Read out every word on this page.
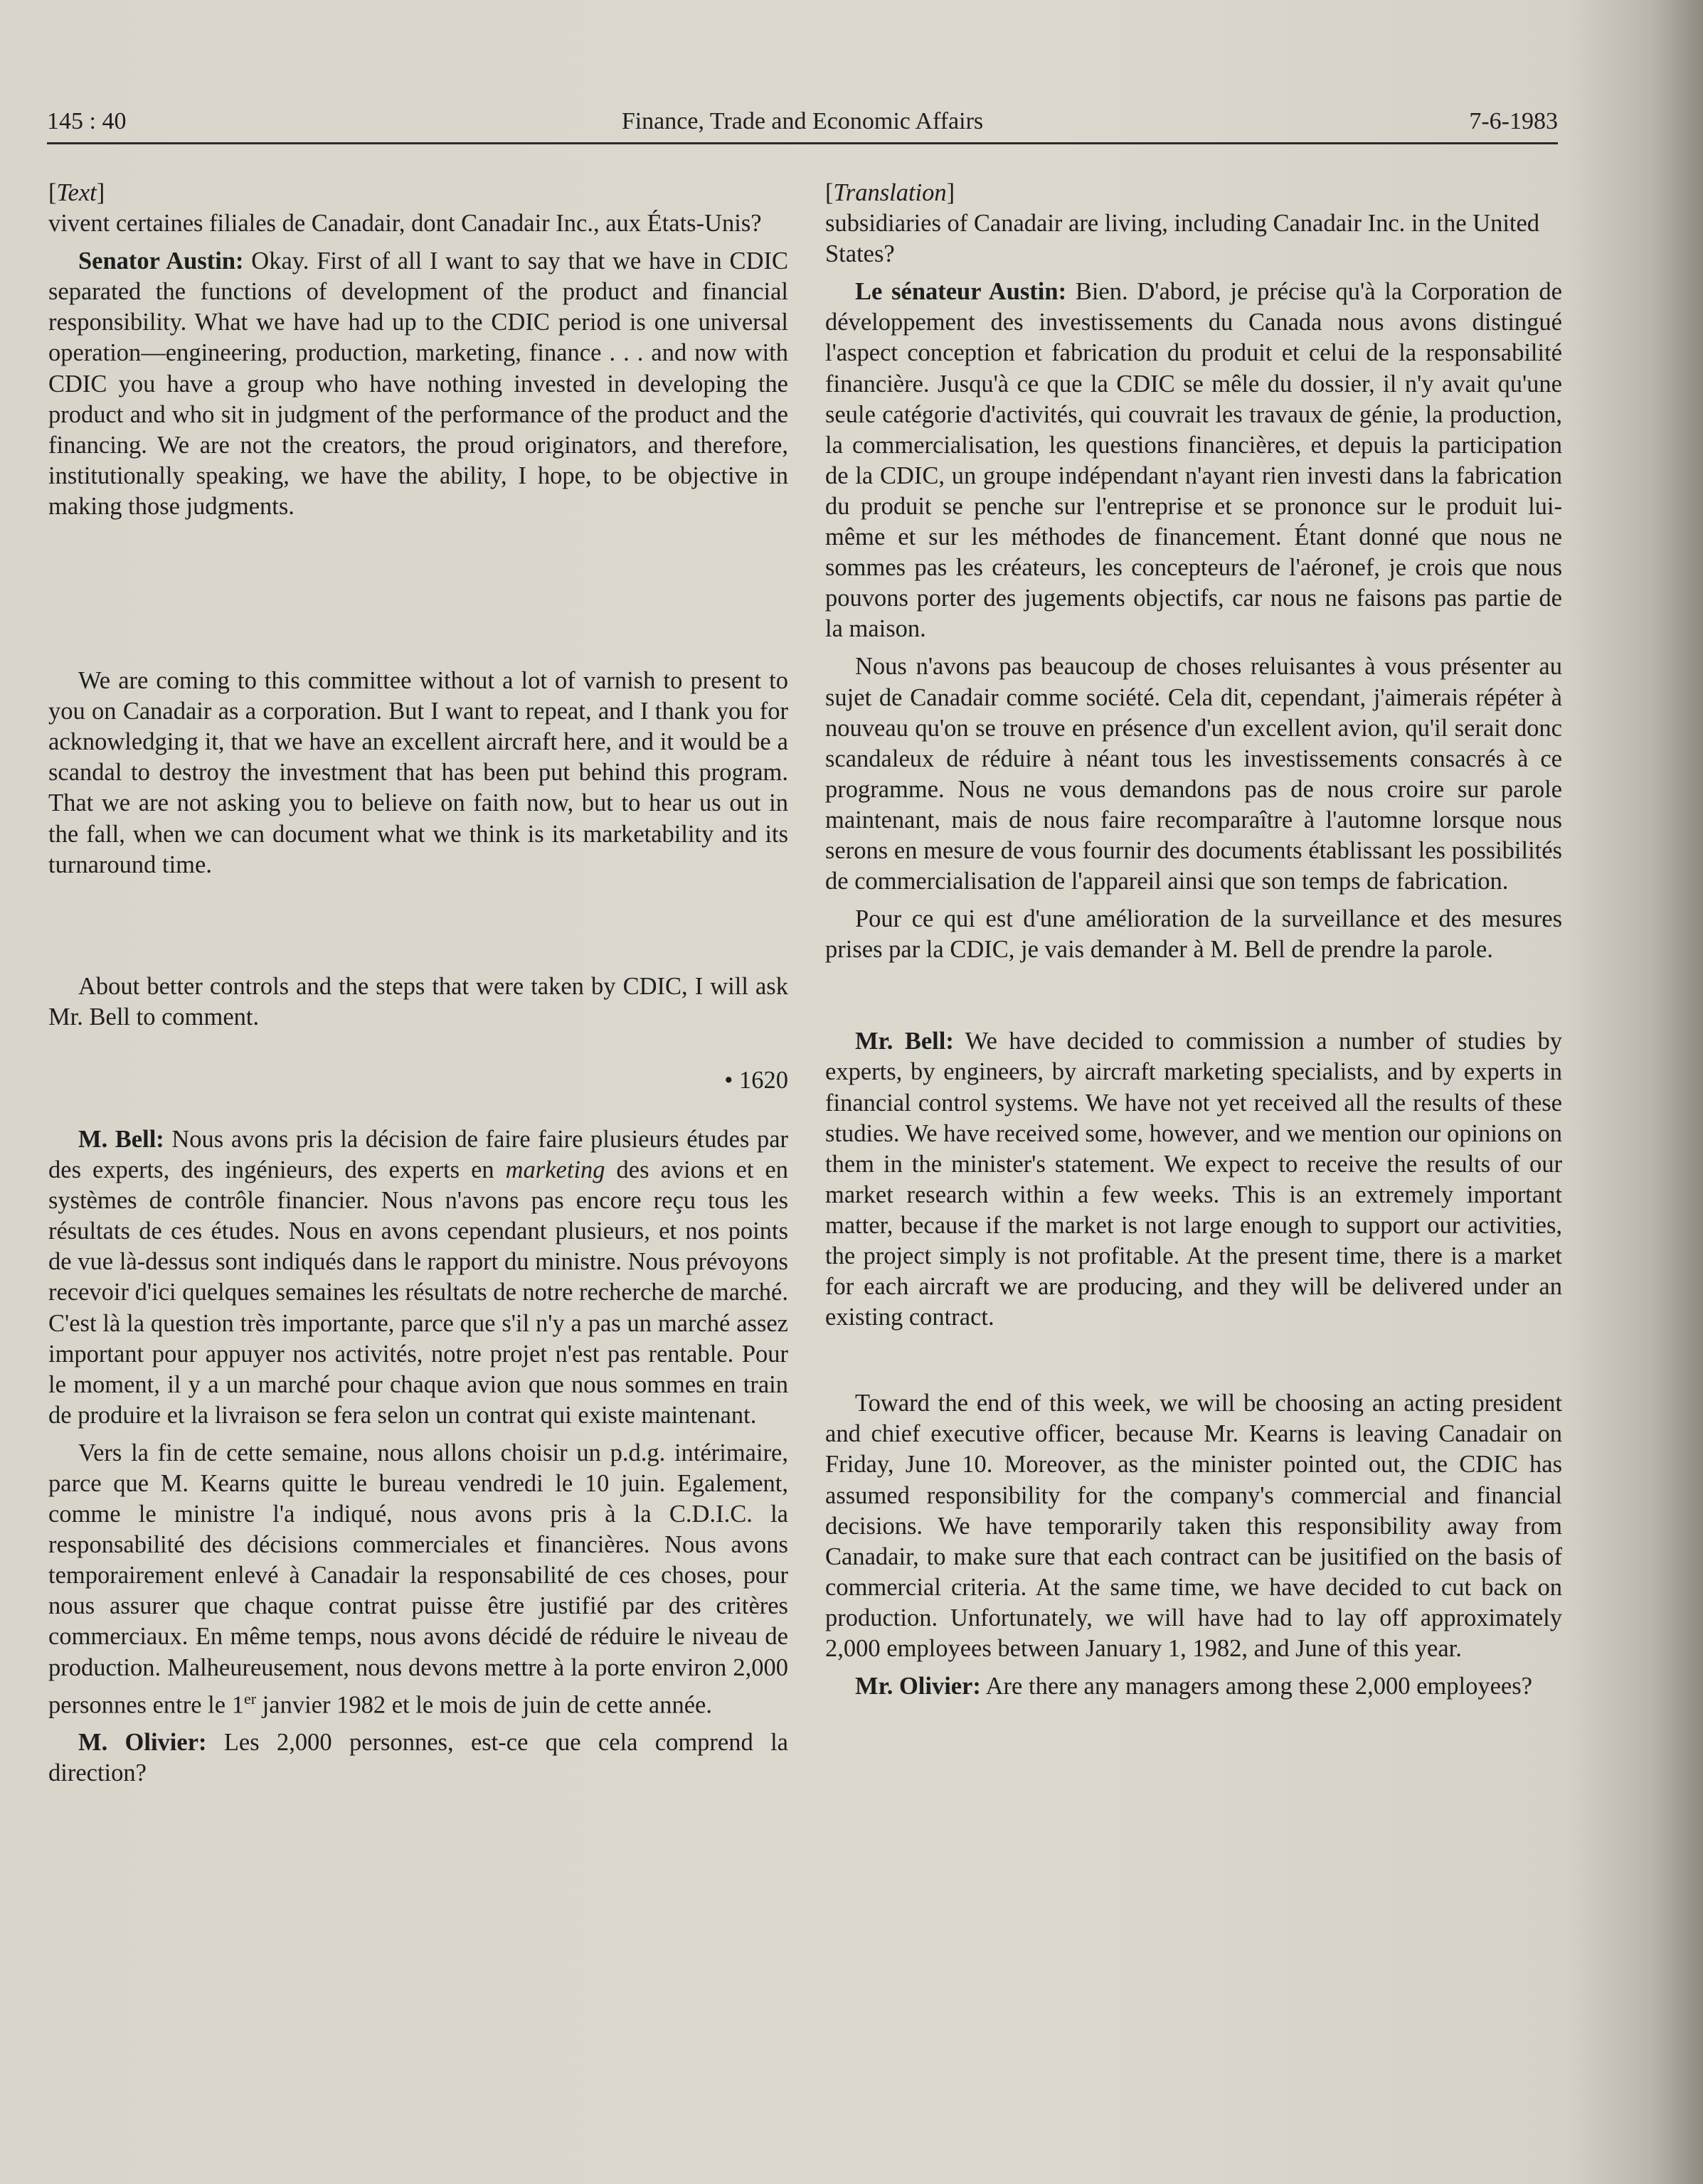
145 : 40	Finance, Trade and Economic Affairs	7-6-1983

[Text]

vivent certaines filiales de Canadair, dont Canadair Inc., aux États-Unis?

Senator Austin: Okay. First of all I want to say that we have in CDIC separated the functions of development of the product and financial responsibility. What we have had up to the CDIC period is one universal operation—engineering, production, marketing, finance . . . and now with CDIC you have a group who have nothing invested in developing the product and who sit in judgment of the performance of the product and the financing. We are not the creators, the proud originators, and therefore, institutionally speaking, we have the ability, I hope, to be objective in making those judgments.

We are coming to this committee without a lot of varnish to present to you on Canadair as a corporation. But I want to repeat, and I thank you for acknowledging it, that we have an excellent aircraft here, and it would be a scandal to destroy the investment that has been put behind this program. That we are not asking you to believe on faith now, but to hear us out in the fall, when we can document what we think is its marketability and its turnaround time.

About better controls and the steps that were taken by CDIC, I will ask Mr. Bell to comment.

• 1620

M. Bell: Nous avons pris la décision de faire faire plusieurs études par des experts, des ingénieurs, des experts en marketing des avions et en systèmes de contrôle financier. Nous n'avons pas encore reçu tous les résultats de ces études. Nous en avons cependant plusieurs, et nos points de vue là-dessus sont indiqués dans le rapport du ministre. Nous prévoyons recevoir d'ici quelques semaines les résultats de notre recherche de marché. C'est là la question très importante, parce que s'il n'y a pas un marché assez important pour appuyer nos activités, notre projet n'est pas rentable. Pour le moment, il y a un marché pour chaque avion que nous sommes en train de produire et la livraison se fera selon un contrat qui existe maintenant.

Vers la fin de cette semaine, nous allons choisir un p.d.g. intérimaire, parce que M. Kearns quitte le bureau vendredi le 10 juin. Egalement, comme le ministre l'a indiqué, nous avons pris à la C.D.I.C. la responsabilité des décisions commerciales et financières. Nous avons temporairement enlevé à Canadair la responsabilité de ces choses, pour nous assurer que chaque contrat puisse être justifié par des critères commerciaux. En même temps, nous avons décidé de réduire le niveau de production. Malheureusement, nous devons mettre à la porte environ 2,000 personnes entre le 1er janvier 1982 et le mois de juin de cette année.

M. Olivier: Les 2,000 personnes, est-ce que cela comprend la direction?

[Translation]

subsidiaries of Canadair are living, including Canadair Inc. in the United States?

Le sénateur Austin: Bien. D'abord, je précise qu'à la Corporation de développement des investissements du Canada nous avons distingué l'aspect conception et fabrication du produit et celui de la responsabilité financière. Jusqu'à ce que la CDIC se mêle du dossier, il n'y avait qu'une seule catégorie d'activités, qui couvrait les travaux de génie, la production, la commercialisation, les questions financières, et depuis la participation de la CDIC, un groupe indépendant n'ayant rien investi dans la fabrication du produit se penche sur l'entreprise et se prononce sur le produit lui-même et sur les méthodes de financement. Étant donné que nous ne sommes pas les créateurs, les concepteurs de l'aéronef, je crois que nous pouvons porter des jugements objectifs, car nous ne faisons pas partie de la maison.

Nous n'avons pas beaucoup de choses reluisantes à vous présenter au sujet de Canadair comme société. Cela dit, cependant, j'aimerais répéter à nouveau qu'on se trouve en présence d'un excellent avion, qu'il serait donc scandaleux de réduire à néant tous les investissements consacrés à ce programme. Nous ne vous demandons pas de nous croire sur parole maintenant, mais de nous faire recomparaître à l'automne lorsque nous serons en mesure de vous fournir des documents établissant les possibilités de commercialisation de l'appareil ainsi que son temps de fabrication.

Pour ce qui est d'une amélioration de la surveillance et des mesures prises par la CDIC, je vais demander à M. Bell de prendre la parole.

Mr. Bell: We have decided to commission a number of studies by experts, by engineers, by aircraft marketing specialists, and by experts in financial control systems. We have not yet received all the results of these studies. We have received some, however, and we mention our opinions on them in the minister's statement. We expect to receive the results of our market research within a few weeks. This is an extremely important matter, because if the market is not large enough to support our activities, the project simply is not profitable. At the present time, there is a market for each aircraft we are producing, and they will be delivered under an existing contract.

Toward the end of this week, we will be choosing an acting president and chief executive officer, because Mr. Kearns is leaving Canadair on Friday, June 10. Moreover, as the minister pointed out, the CDIC has assumed responsibility for the company's commercial and financial decisions. We have temporarily taken this responsibility away from Canadair, to make sure that each contract can be jusitified on the basis of commercial criteria. At the same time, we have decided to cut back on production. Unfortunately, we will have had to lay off approximately 2,000 employees between January 1, 1982, and June of this year.

Mr. Olivier: Are there any managers among these 2,000 employees?
